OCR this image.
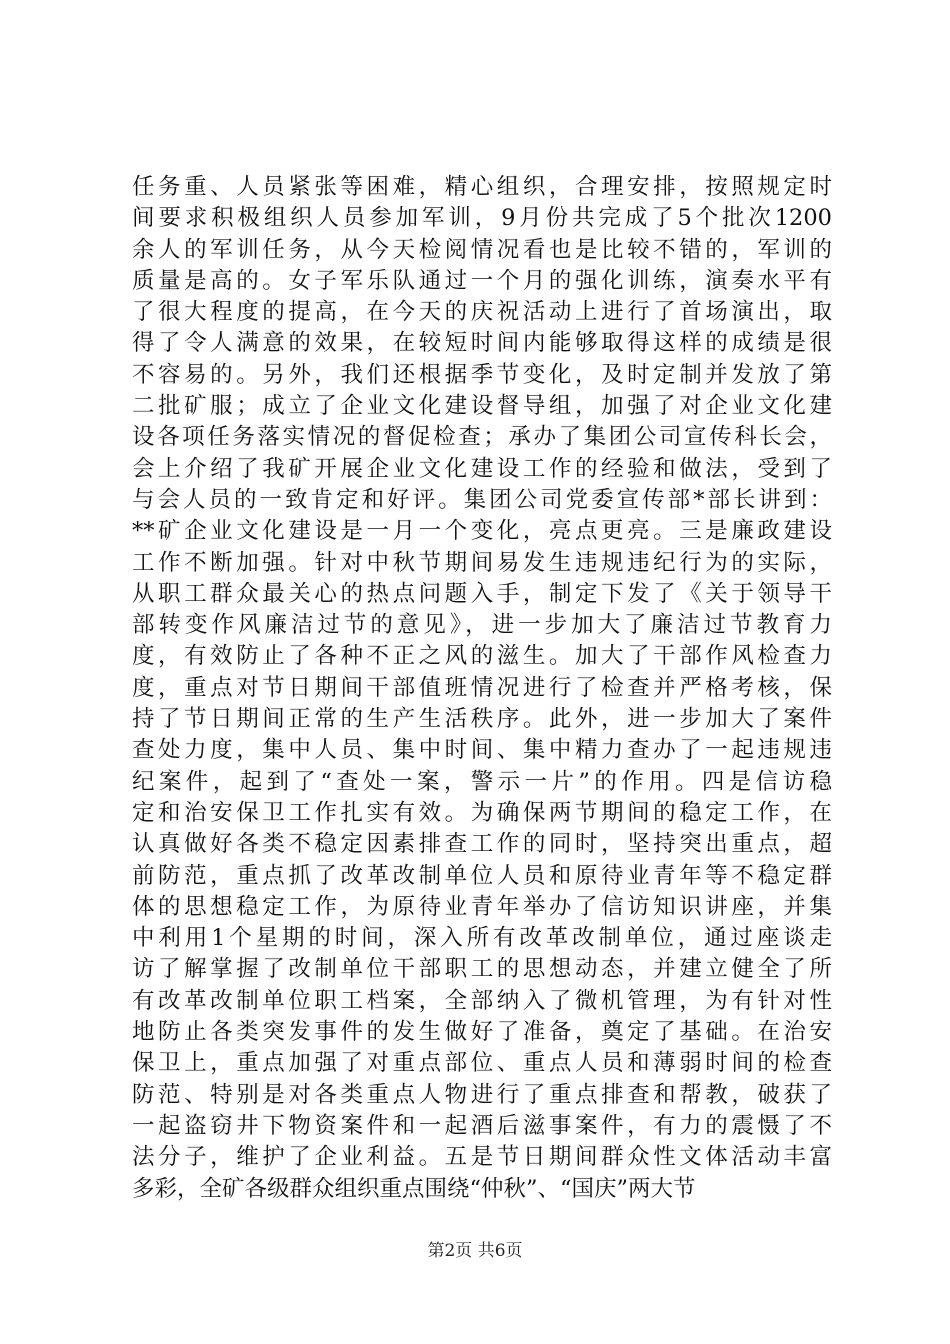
任务重、人员紧张等困难，精心组织，合理安排，按照规定时
间要求积极组织人员参加军训，9月份共完成了5个批次1200
余人的军训任务，从今天检阅情况看也是比较不错的，军训的
质量是高的。女子军乐队通过一个月的强化训练，演奏水平有
了很大程度的提高，在今天的庆祝活动上进行了首场演出，取
得了令人满意的效果，在较短时间内能够取得这样的成绩是很
不容易的。另外，我们还根据季节变化，及时定制并发放了第
二批矿服；成立了企业文化建设督导组，加强了对企业文化建
设各项任务落实情况的督促检查；承办了集团公司宣传科长会，
会上介绍了我矿开展企业文化建设工作的经验和做法，受到了
与会人员的一致肯定和好评。集团公司党委宣传部*部长讲到：
**矿企业文化建设是一月一个变化，亮点更亮。三是廉政建设
工作不断加强。针对中秋节期间易发生违规违纪行为的实际，
从职工群众最关心的热点问题入手，制定下发了《关于领导干
部转变作风廉洁过节的意见》，进一步加大了廉洁过节教育力
度，有效防止了各种不正之风的滋生。加大了干部作风检查力
度，重点对节日期间干部值班情况进行了检查并严格考核，保
持了节日期间正常的生产生活秩序。此外，进一步加大了案件
查处力度，集中人员、集中时间、集中精力查办了一起违规违
纪案件，起到了“查处一案，警示一片”的作用。四是信访稳
定和治安保卫工作扎实有效。为确保两节期间的稳定工作，在
认真做好各类不稳定因素排查工作的同时，坚持突出重点，超
前防范，重点抓了改革改制单位人员和原待业青年等不稳定群
体的思想稳定工作，为原待业青年举办了信访知识讲座，并集
中利用1个星期的时间，深入所有改革改制单位，通过座谈走
访了解掌握了改制单位干部职工的思想动态，并建立健全了所
有改革改制单位职工档案，全部纳入了微机管理，为有针对性
地防止各类突发事件的发生做好了准备，奠定了基础。在治安
保卫上，重点加强了对重点部位、重点人员和薄弱时间的检查
防范、特别是对各类重点人物进行了重点排查和帮教，破获了
一起盗窃井下物资案件和一起酒后滋事案件，有力的震慑了不
法分子，维护了企业利益。五是节日期间群众性文体活动丰富
多彩，全矿各级群众组织重点围绕“仲秋”、“国庆”两大节
第2页 共6页
